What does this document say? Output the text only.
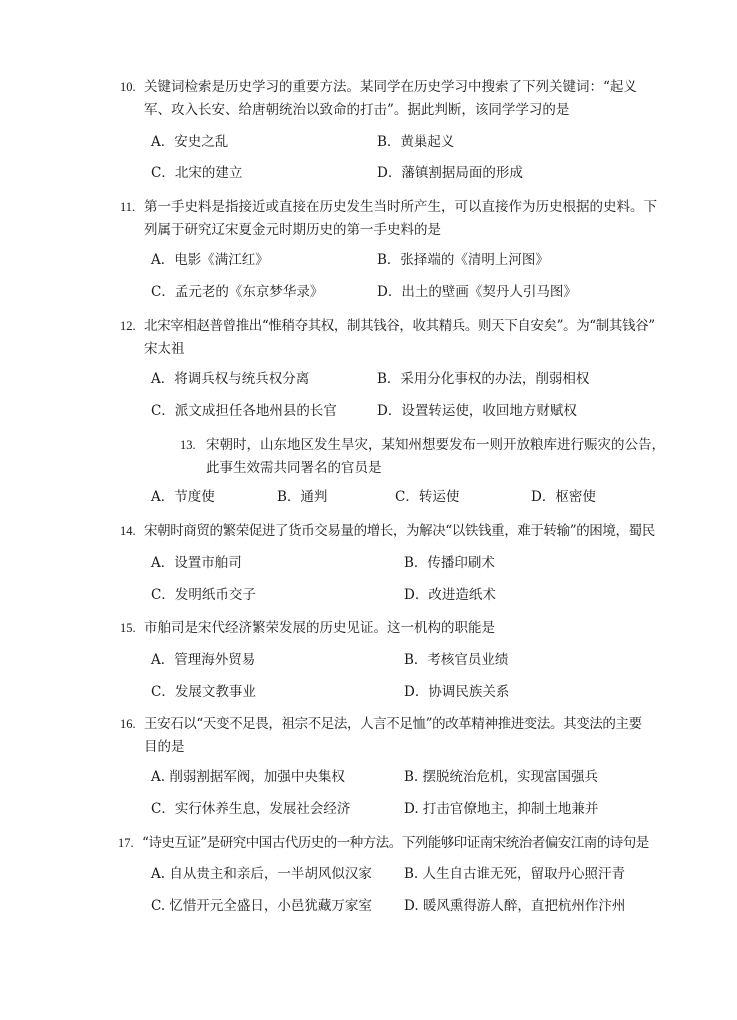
10. 关键词检索是历史学习的重要方法。某同学在历史学习中搜索了下列关键词：“起义
军、攻入长安、给唐朝统治以致命的打击”。据此判断，该同学学习的是
A．安史之乱	B．黄巢起义
C．北宋的建立	D．藩镇割据局面的形成
11. 第一手史料是指接近或直接在历史发生当时所产生，可以直接作为历史根据的史料。下
列属于研究辽宋夏金元时期历史的第一手史料的是
A．电影《满江红》	B．张择端的《清明上河图》
C．孟元老的《东京梦华录》	D．出土的壁画《契丹人引马图》
12. 北宋宰相赵普曾推出“惟稍夺其权，制其钱谷，收其精兵。则天下自安矣”。为“制其钱谷”
宋太祖
A．将调兵权与统兵权分离	B．采用分化事权的办法，削弱相权
C．派文成担任各地州县的长官	D．设置转运使，收回地方财赋权
13. 宋朝时，山东地区发生旱灾，某知州想要发布一则开放粮库进行赈灾的公告，
此事生效需共同署名的官员是
A．节度使	B．通判	C．转运使	D．枢密使
14. 宋朝时商贸的繁荣促进了货币交易量的增长，为解决“以铁钱重，难于转输”的困境，蜀民
A．设置市舶司	B．传播印刷术
C．发明纸币交子	D．改进造纸术
15. 市舶司是宋代经济繁荣发展的历史见证。这一机构的职能是
A．管理海外贸易	B．考核官员业绩
C．发展文教事业	D．协调民族关系
16. 王安石以“天变不足畏，祖宗不足法，人言不足恤”的改革精神推进变法。其变法的主要
目的是
A. 削弱割据军阀，加强中央集权	B. 摆脱统治危机，实现富国强兵
C．实行休养生息，发展社会经济	D. 打击官僚地主，抑制土地兼并
17. “诗史互证”是研究中国古代历史的一种方法。下列能够印证南宋统治者偏安江南的诗句是
A. 自从贵主和亲后，一半胡风似汉家 B. 人生自古谁无死，留取丹心照汗青
C. 忆惜开元全盛日，小邑犹藏万家室 D. 暖风熏得游人醉，直把杭州作汴州
